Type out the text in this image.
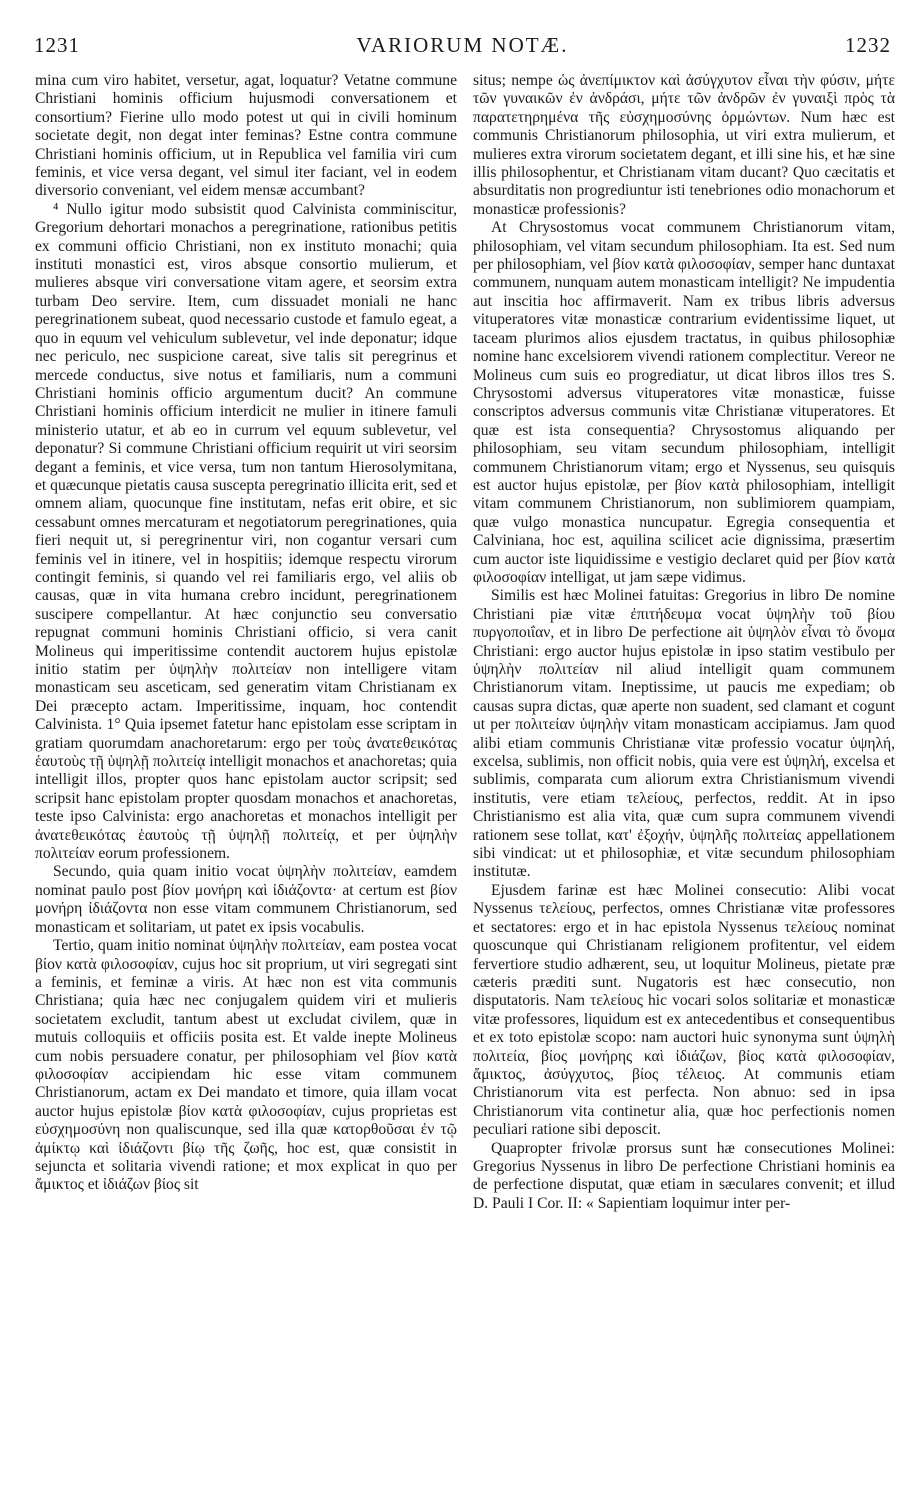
1231	VARIORUM NOTÆ.	1232

mina cum viro habitet, versetur, agat, loquatur? Vetatne commune Christiani hominis officium hujusmodi conversationem et consortium? Fierine ullo modo potest ut qui in civili hominum societate degit, non degat inter feminas? Estne contra commune Christiani hominis officium, ut in Republica vel familia viri cum feminis, et vice versa degant, vel simul iter faciant, vel in eodem diversorio conveniant, vel eidem mensæ accumbant?

⁴ Nullo igitur modo subsistit quod Calvinista comminiscitur, Gregorium dehortari monachos a peregrinatione, rationibus petitis ex communi officio Christiani, non ex instituto monachi; quia instituti monastici est, viros absque consortio mulierum, et mulieres absque viri conversatione vitam agere, et seorsim extra turbam Deo servire. Item, cum dissuadet moniali ne hanc peregrinationem subeat, quod necessario custode et famulo egeat, a quo in equum vel vehiculum sublevetur, vel inde deponatur; idque nec periculo, nec suspicione careat, sive talis sit peregrinus et mercede conductus, sive notus et familiaris, num a communi Christiani hominis officio argumentum ducit? An commune Christiani hominis officium interdicit ne mulier in itinere famuli ministerio utatur, et ab eo in currum vel equum sublevetur, vel deponatur? Si commune Christiani officium requirit ut viri seorsim degant a feminis, et vice versa, tum non tantum Hierosolymitana, et quæcunque pietatis causa suscepta peregrinatio illicita erit, sed et omnem aliam, quocunque fine institutam, nefas erit obire, et sic cessabunt omnes mercaturam et negotiatorum peregrinationes, quia fieri nequit ut, si peregrinentur viri, non cogantur versari cum feminis vel in itinere, vel in hospitiis; idemque respectu virorum contingit feminis, si quando vel rei familiaris ergo, vel aliis ob causas, quæ in vita humana crebro incidunt, peregrinationem suscipere compellantur. At hæc conjunctio seu conversatio repugnat communi hominis Christiani officio, si vera canit Molineus qui imperitissime contendit auctorem hujus epistolæ initio statim per ὑψηλὴν πολιτείαν non intelligere vitam monasticam seu asceticam, sed generatim vitam Christianam ex Dei præcepto actam. Imperitissime, inquam, hoc contendit Calvinista. 1° Quia ipsemet fatetur hanc epistolam esse scriptam in gratiam quorumdam anachoretarum: ergo per τοὺς ἀνατεθεικότας ἑαυτοὺς τῇ ὑψηλῇ πολιτείᾳ intelligit monachos et anachoretas; quia intelligit illos, propter quos hanc epistolam auctor scripsit; sed scripsit hanc epistolam propter quosdam monachos et anachoretas, teste ipso Calvinista: ergo anachoretas et monachos intelligit per ἀνατεθεικότας ἑαυτοὺς τῇ ὑψηλῇ πολιτείᾳ, et per ὑψηλὴν πολιτείαν eorum professionem.

Secundo, quia quam initio vocat ὑψηλὴν πολιτείαν, eamdem nominat paulo post βίον μονήρη καὶ ἰδιάζοντα· at certum est βίον μονήρη ἰδιάζοντα non esse vitam communem Christianorum, sed monasticam et solitariam, ut patet ex ipsis vocabulis.

Tertio, quam initio nominat ὑψηλὴν πολιτείαν, eam postea vocat βίον κατὰ φιλοσοφίαν, cujus hoc sit proprium, ut viri segregati sint a feminis, et feminæ a viris. At hæc non est vita communis Christiana; quia hæc nec conjugalem quidem viri et mulieris societatem excludit, tantum abest ut excludat civilem, quæ in mutuis colloquiis et officiis posita est. Et valde inepte Molineus cum nobis persuadere conatur, per philosophiam vel βίον κατὰ φιλοσοφίαν accipiendam hic esse vitam communem Christianorum, actam ex Dei mandato et timore, quia illam vocat auctor hujus epistolæ βίον κατὰ φιλοσοφίαν, cujus proprietas est εὐσχημοσύνη non qualiscunque, sed illa quæ κατορθοῦσαι ἐν τῷ ἀμίκτῳ καὶ ἰδιάζοντι βίῳ τῆς ζωῆς, hoc est, quæ consistit in sejuncta et solitaria vivendi ratione; et mox explicat in quo per ἄμικτος et ἰδιάζων βίος sit

situs; nempe ὡς ἀνεπίμικτον καὶ ἀσύγχυτον εἶναι τὴν φύσιν, μήτε τῶν γυναικῶν ἐν ἀνδράσι, μήτε τῶν ἀνδρῶν ἐν γυναιξὶ πρὸς τὰ παρατετηρημένα τῆς εὐσχημοσύνης ὁρμώντων. Num hæc est communis Christianorum philosophia, ut viri extra mulierum, et mulieres extra virorum societatem degant, et illi sine his, et hæ sine illis philosophentur, et Christianam vitam ducant? Quo cæcitatis et absurditatis non progrediuntur isti tenebriones odio monachorum et monasticæ professionis?

At Chrysostomus vocat communem Christianorum vitam, philosophiam, vel vitam secundum philosophiam. Ita est. Sed num per philosophiam, vel βίον κατὰ φιλοσοφίαν, semper hanc duntaxat communem, nunquam autem monasticam intelligit? Ne impudentia aut inscitia hoc affirmaverit. Nam ex tribus libris adversus vituperatores vitæ monasticæ contrarium evidentissime liquet, ut taceam plurimos alios ejusdem tractatus, in quibus philosophiæ nomine hanc excelsiorem vivendi rationem complectitur. Vereor ne Molineus cum suis eo progrediatur, ut dicat libros illos tres S. Chrysostomi adversus vituperatores vitæ monasticæ, fuisse conscriptos adversus communis vitæ Christianæ vituperatores. Et quæ est ista consequentia? Chrysostomus aliquando per philosophiam, seu vitam secundum philosophiam, intelligit communem Christianorum vitam; ergo et Nyssenus, seu quisquis est auctor hujus epistolæ, per βίον κατὰ philosophiam, intelligit vitam communem Christianorum, non sublimiorem quampiam, quæ vulgo monastica nuncupatur. Egregia consequentia et Calviniana, hoc est, aquilina scilicet acie dignissima, præsertim cum auctor iste liquidissime e vestigio declaret quid per βίον κατὰ φιλοσοφίαν intelligat, ut jam sæpe vidimus.

Similis est hæc Molinei fatuitas: Gregorius in libro De nomine Christiani piæ vitæ ἐπιτήδευμα vocat ὑψηλὴν τοῦ βίου πυργοποιΐαν, et in libro De perfectione ait ὑψηλὸν εἶναι τὸ ὄνομα Christiani: ergo auctor hujus epistolæ in ipso statim vestibulo per ὑψηλὴν πολιτείαν nil aliud intelligit quam communem Christianorum vitam. Ineptissime, ut paucis me expediam; ob causas supra dictas, quæ aperte non suadent, sed clamant et cogunt ut per πολιτείαν ὑψηλὴν vitam monasticam accipiamus. Jam quod alibi etiam communis Christianæ vitæ professio vocatur ὑψηλή, excelsa, sublimis, non officit nobis, quia vere est ὑψηλή, excelsa et sublimis, comparata cum aliorum extra Christianismum vivendi institutis, vere etiam τελείους, perfectos, reddit. At in ipso Christianismo est alia vita, quæ cum supra communem vivendi rationem sese tollat, κατ' ἐξοχήν, ὑψηλῆς πολιτείας appellationem sibi vindicat: ut et philosophiæ, et vitæ secundum philosophiam institutæ.

Ejusdem farinæ est hæc Molinei consecutio: Alibi vocat Nyssenus τελείους, perfectos, omnes Christianæ vitæ professores et sectatores: ergo et in hac epistola Nyssenus τελείους nominat quoscunque qui Christianam religionem profitentur, vel eidem fervertiore studio adhærent, seu, ut loquitur Molineus, pietate præ cæteris præditi sunt. Nugatoris est hæc consecutio, non disputatoris. Nam τελείους hic vocari solos solitariæ et monasticæ vitæ professores, liquidum est ex antecedentibus et consequentibus et ex toto epistolæ scopo: nam auctori huic synonyma sunt ὑψηλὴ πολιτεία, βίος μονήρης καὶ ἰδιάζων, βίος κατὰ φιλοσοφίαν, ἄμικτος, ἀσύγχυτος, βίος τέλειος. At communis etiam Christianorum vita est perfecta. Non abnuo: sed in ipsa Christianorum vita continetur alia, quæ hoc perfectionis nomen peculiari ratione sibi deposcit.

Quapropter frivolæ prorsus sunt hæ consecutiones Molinei: Gregorius Nyssenus in libro De perfectione Christiani hominis ea de perfectione disputat, quæ etiam in sæculares convenit; et illud D. Pauli I Cor. II: « Sapientiam loquimur inter per-
